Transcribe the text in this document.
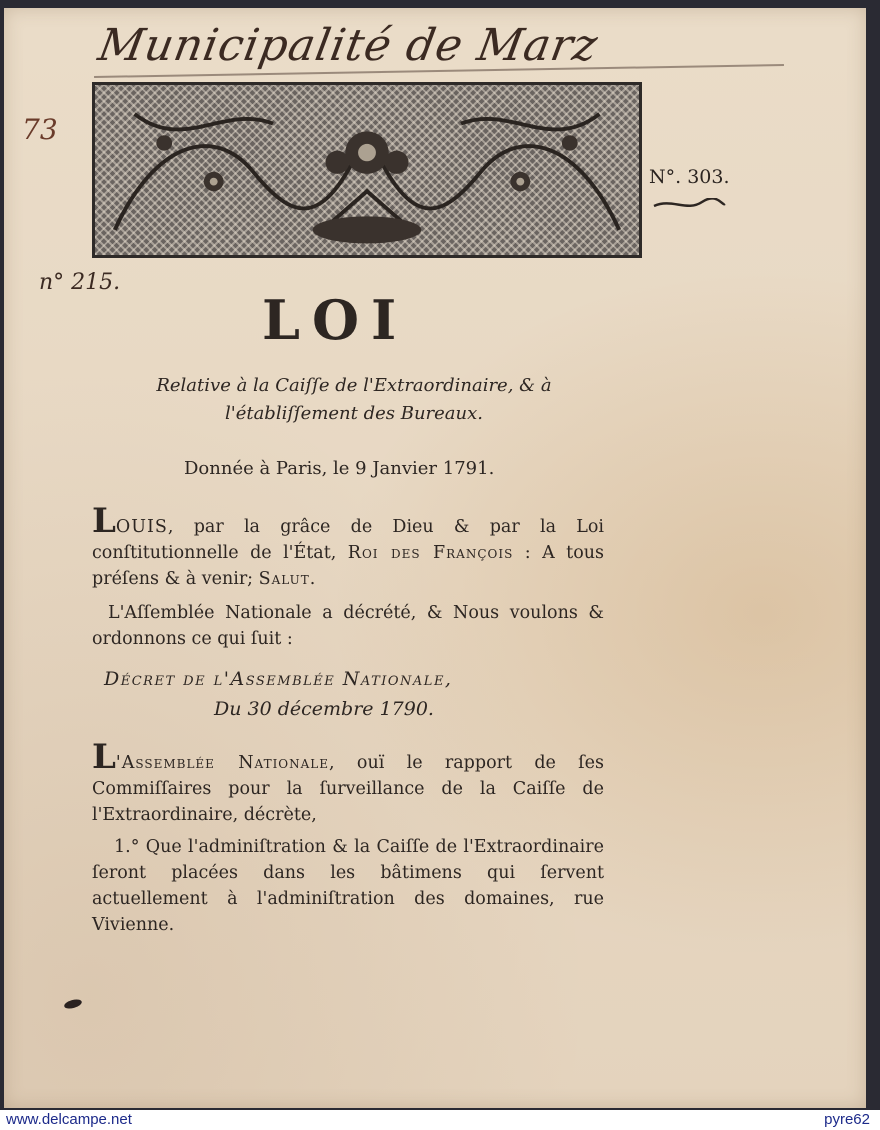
Municipalité de Marz
73
N°. 303.
n° 215.
LOI
Relative à la Caiſſe de l'Extraordinaire, & à l'établiſſement des Bureaux.
Donnée à Paris, le 9 Janvier 1791.
LOUIS, par la grâce de Dieu & par la Loi conſtitutionnelle de l'État, Roi des François : A tous préſens & à venir; Salut.
L'Aſſemblée Nationale a décrété, & Nous voulons & ordonnons ce qui ſuit :
Décret de l'Assemblée Nationale,
Du 30 décembre 1790.
L'Assemblée Nationale, ouï le rapport de ſes Commiſſaires pour la ſurveillance de la Caiſſe de l'Extraordinaire, décrète,
1.° Que l'adminiſtration & la Caiſſe de l'Extraordinaire ſeront placées dans les bâtimens qui ſervent actuellement à l'adminiſtration des domaines, rue Vivienne.
www.delcampe.net	pyre62
